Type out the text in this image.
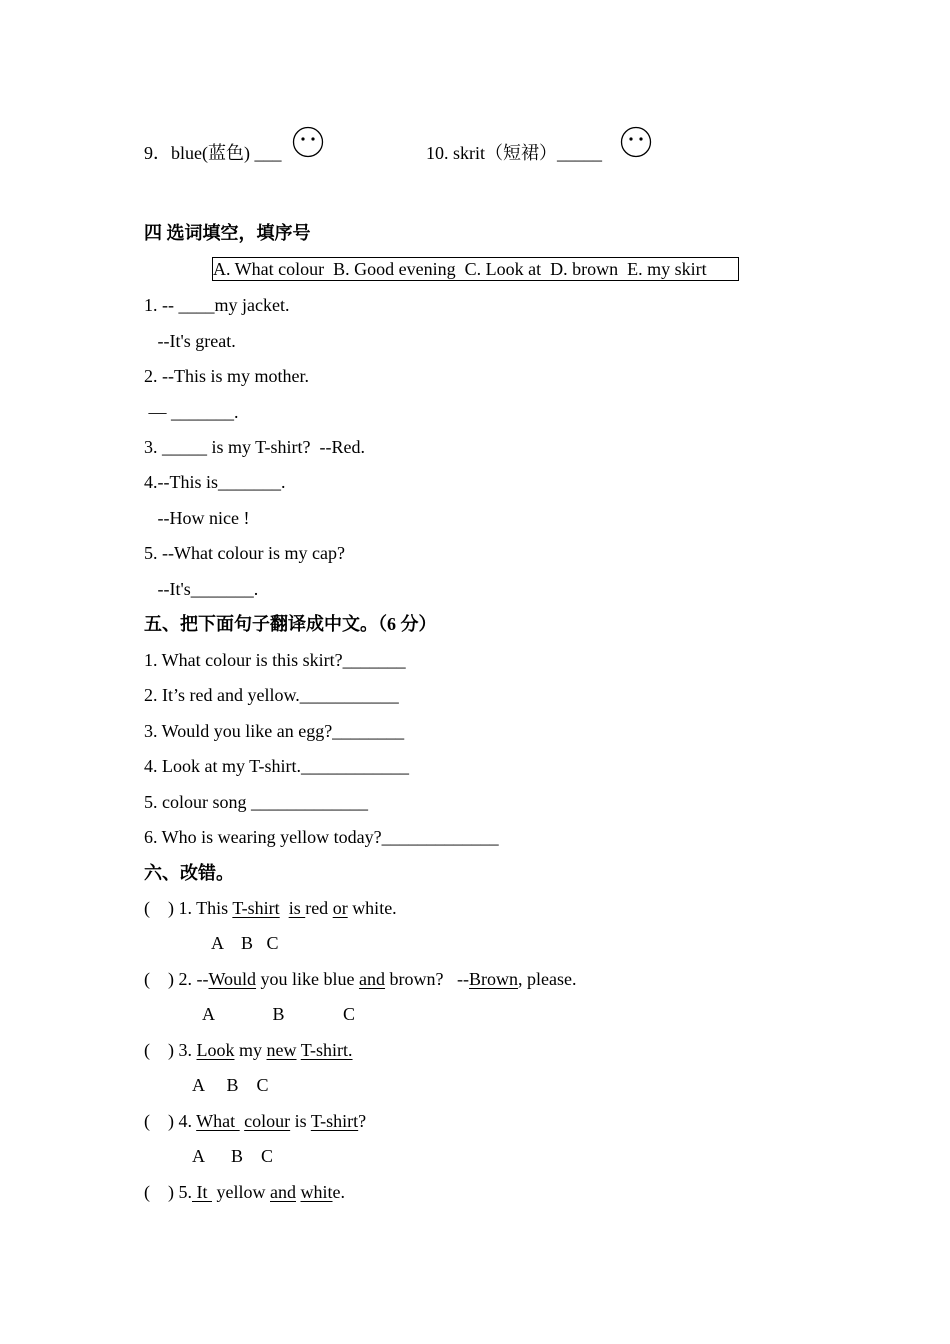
9．blue(蓝色) ___	10. skrit（短裙）_____
四 选词填空，填序号
A. What colour  B. Good evening  C. Look at  D. brown  E. my skirt
1. -- ____my jacket.
--It's great.
2. --This is my mother.
— _______.
3. _____ is my T-shirt?  --Red.
4.--This is_______.
--How nice !
5. --What colour is my cap?
--It's_______.
五、把下面句子翻译成中文。（6 分）
1. What colour is this skirt?_______
2. It’s red and yellow.___________
3. Would you like an egg?________
4. Look at my T-shirt.____________
5. colour song _____________
6. Who is wearing yellow today?_____________
六、改错。
(    ) 1. This T-shirt is red or white.
A    B   C
(    ) 2. --Would you like blue and brown?   --Brown, please.
A             B             C
(    ) 3. Look my new T-shirt.
A     B    C
(    ) 4. What  colour is T-shirt?
A      B    C
(    ) 5. It  yellow and white.
